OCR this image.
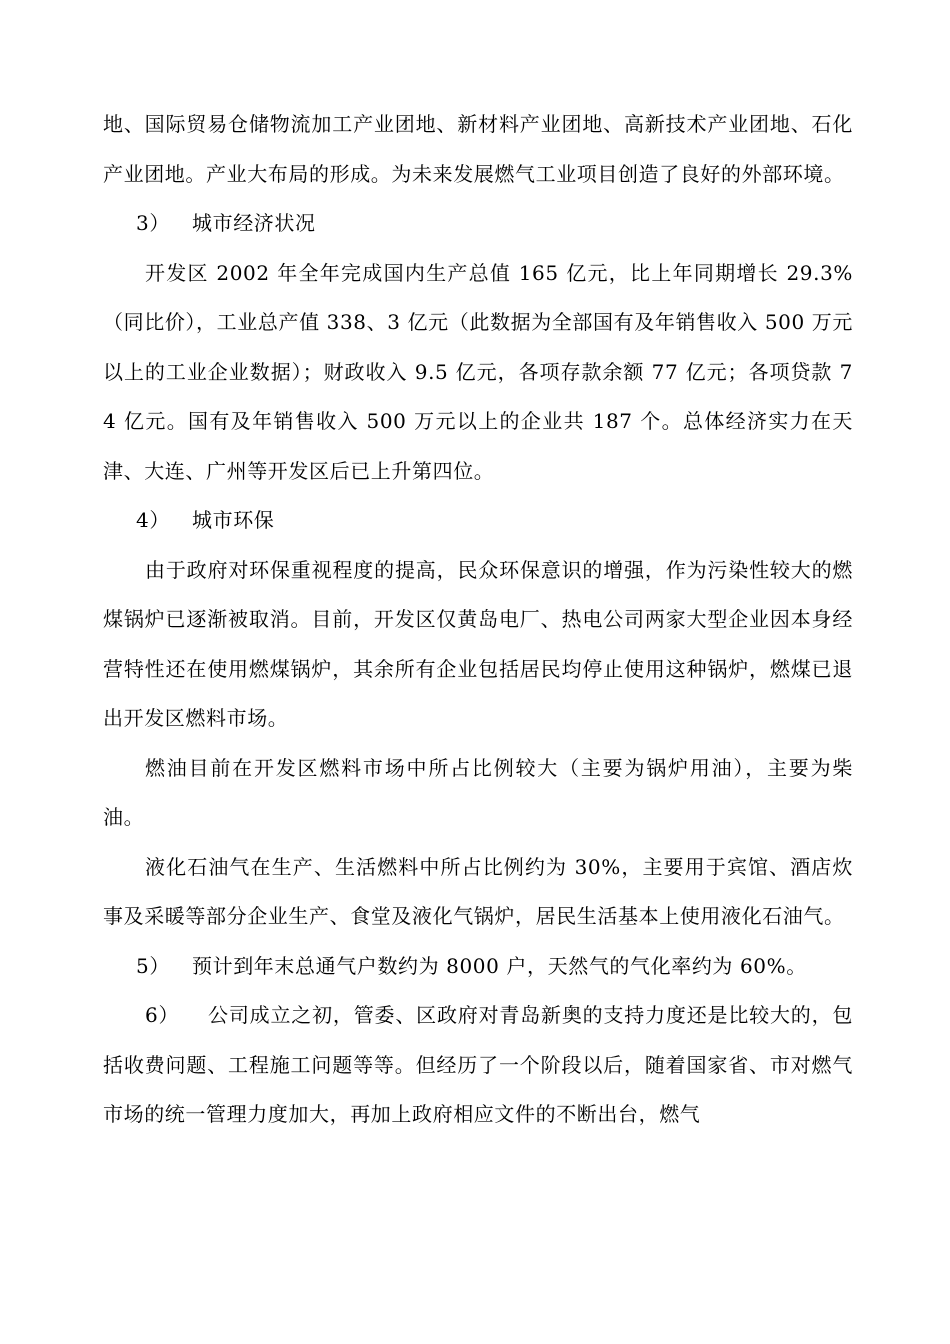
地、国际贸易仓储物流加工产业团地、新材料产业团地、高新技术产业团地、石化产业团地。产业大布局的形成。为未来发展燃气工业项目创造了良好的外部环境。

3） 城市经济状况

开发区 2002 年全年完成国内生产总值 165 亿元，比上年同期增长 29.3%（同比价），工业总产值 338、3 亿元（此数据为全部国有及年销售收入 500 万元以上的工业企业数据）；财政收入 9.5 亿元，各项存款余额 77 亿元；各项贷款 74 亿元。国有及年销售收入 500 万元以上的企业共 187 个。总体经济实力在天津、大连、广州等开发区后已上升第四位。

4） 城市环保

由于政府对环保重视程度的提高，民众环保意识的增强，作为污染性较大的燃煤锅炉已逐渐被取消。目前，开发区仅黄岛电厂、热电公司两家大型企业因本身经营特性还在使用燃煤锅炉，其余所有企业包括居民均停止使用这种锅炉，燃煤已退出开发区燃料市场。

燃油目前在开发区燃料市场中所占比例较大（主要为锅炉用油），主要为柴油。

液化石油气在生产、生活燃料中所占比例约为 30%，主要用于宾馆、酒店炊事及采暖等部分企业生产、食堂及液化气锅炉，居民生活基本上使用液化石油气。

5） 预计到年末总通气户数约为 8000 户，天然气的气化率约为 60%。

6） 公司成立之初，管委、区政府对青岛新奥的支持力度还是比较大的，包括收费问题、工程施工问题等等。但经历了一个阶段以后，随着国家省、市对燃气市场的统一管理力度加大，再加上政府相应文件的不断出台，燃气
